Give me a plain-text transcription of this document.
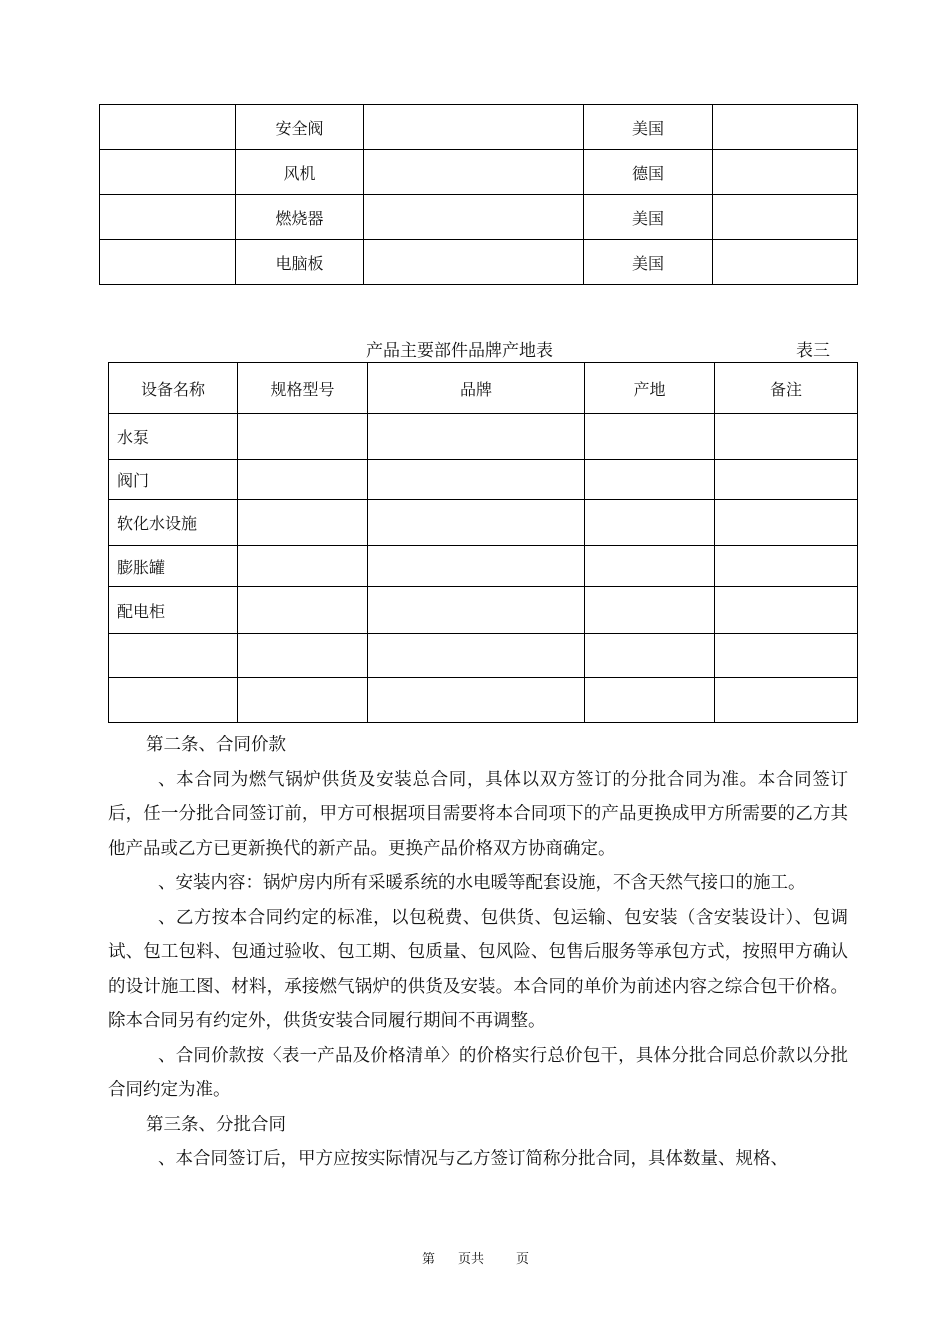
	安全阀		美国	
	风机		德国	
	燃烧器		美国	
	电脑板		美国	
产品主要部件品牌产地表	表三
设备名称	规格型号	品牌	产地	备注
水泵				
阀门				
软化水设施				
膨胀罐				
配电柜				

第二条、合同价款

、本合同为燃气锅炉供货及安装总合同，具体以双方签订的分批合同为准。本合同签订后，任一分批合同签订前，甲方可根据项目需要将本合同项下的产品更换成甲方所需要的乙方其他产品或乙方已更新换代的新产品。更换产品价格双方协商确定。

、安装内容：锅炉房内所有采暖系统的水电暖等配套设施，不含天然气接口的施工。

、乙方按本合同约定的标准，以包税费、包供货、包运输、包安装（含安装设计）、包调试、包工包料、包通过验收、包工期、包质量、包风险、包售后服务等承包方式，按照甲方确认的设计施工图、材料，承接燃气锅炉的供货及安装。本合同的单价为前述内容之综合包干价格。除本合同另有约定外，供货安装合同履行期间不再调整。

、合同价款按〈表一产品及价格清单〉的价格实行总价包干，具体分批合同总价款以分批合同约定为准。

第三条、分批合同

、本合同签订后，甲方应按实际情况与乙方签订简称分批合同，具体数量、规格、

第 页共 页
